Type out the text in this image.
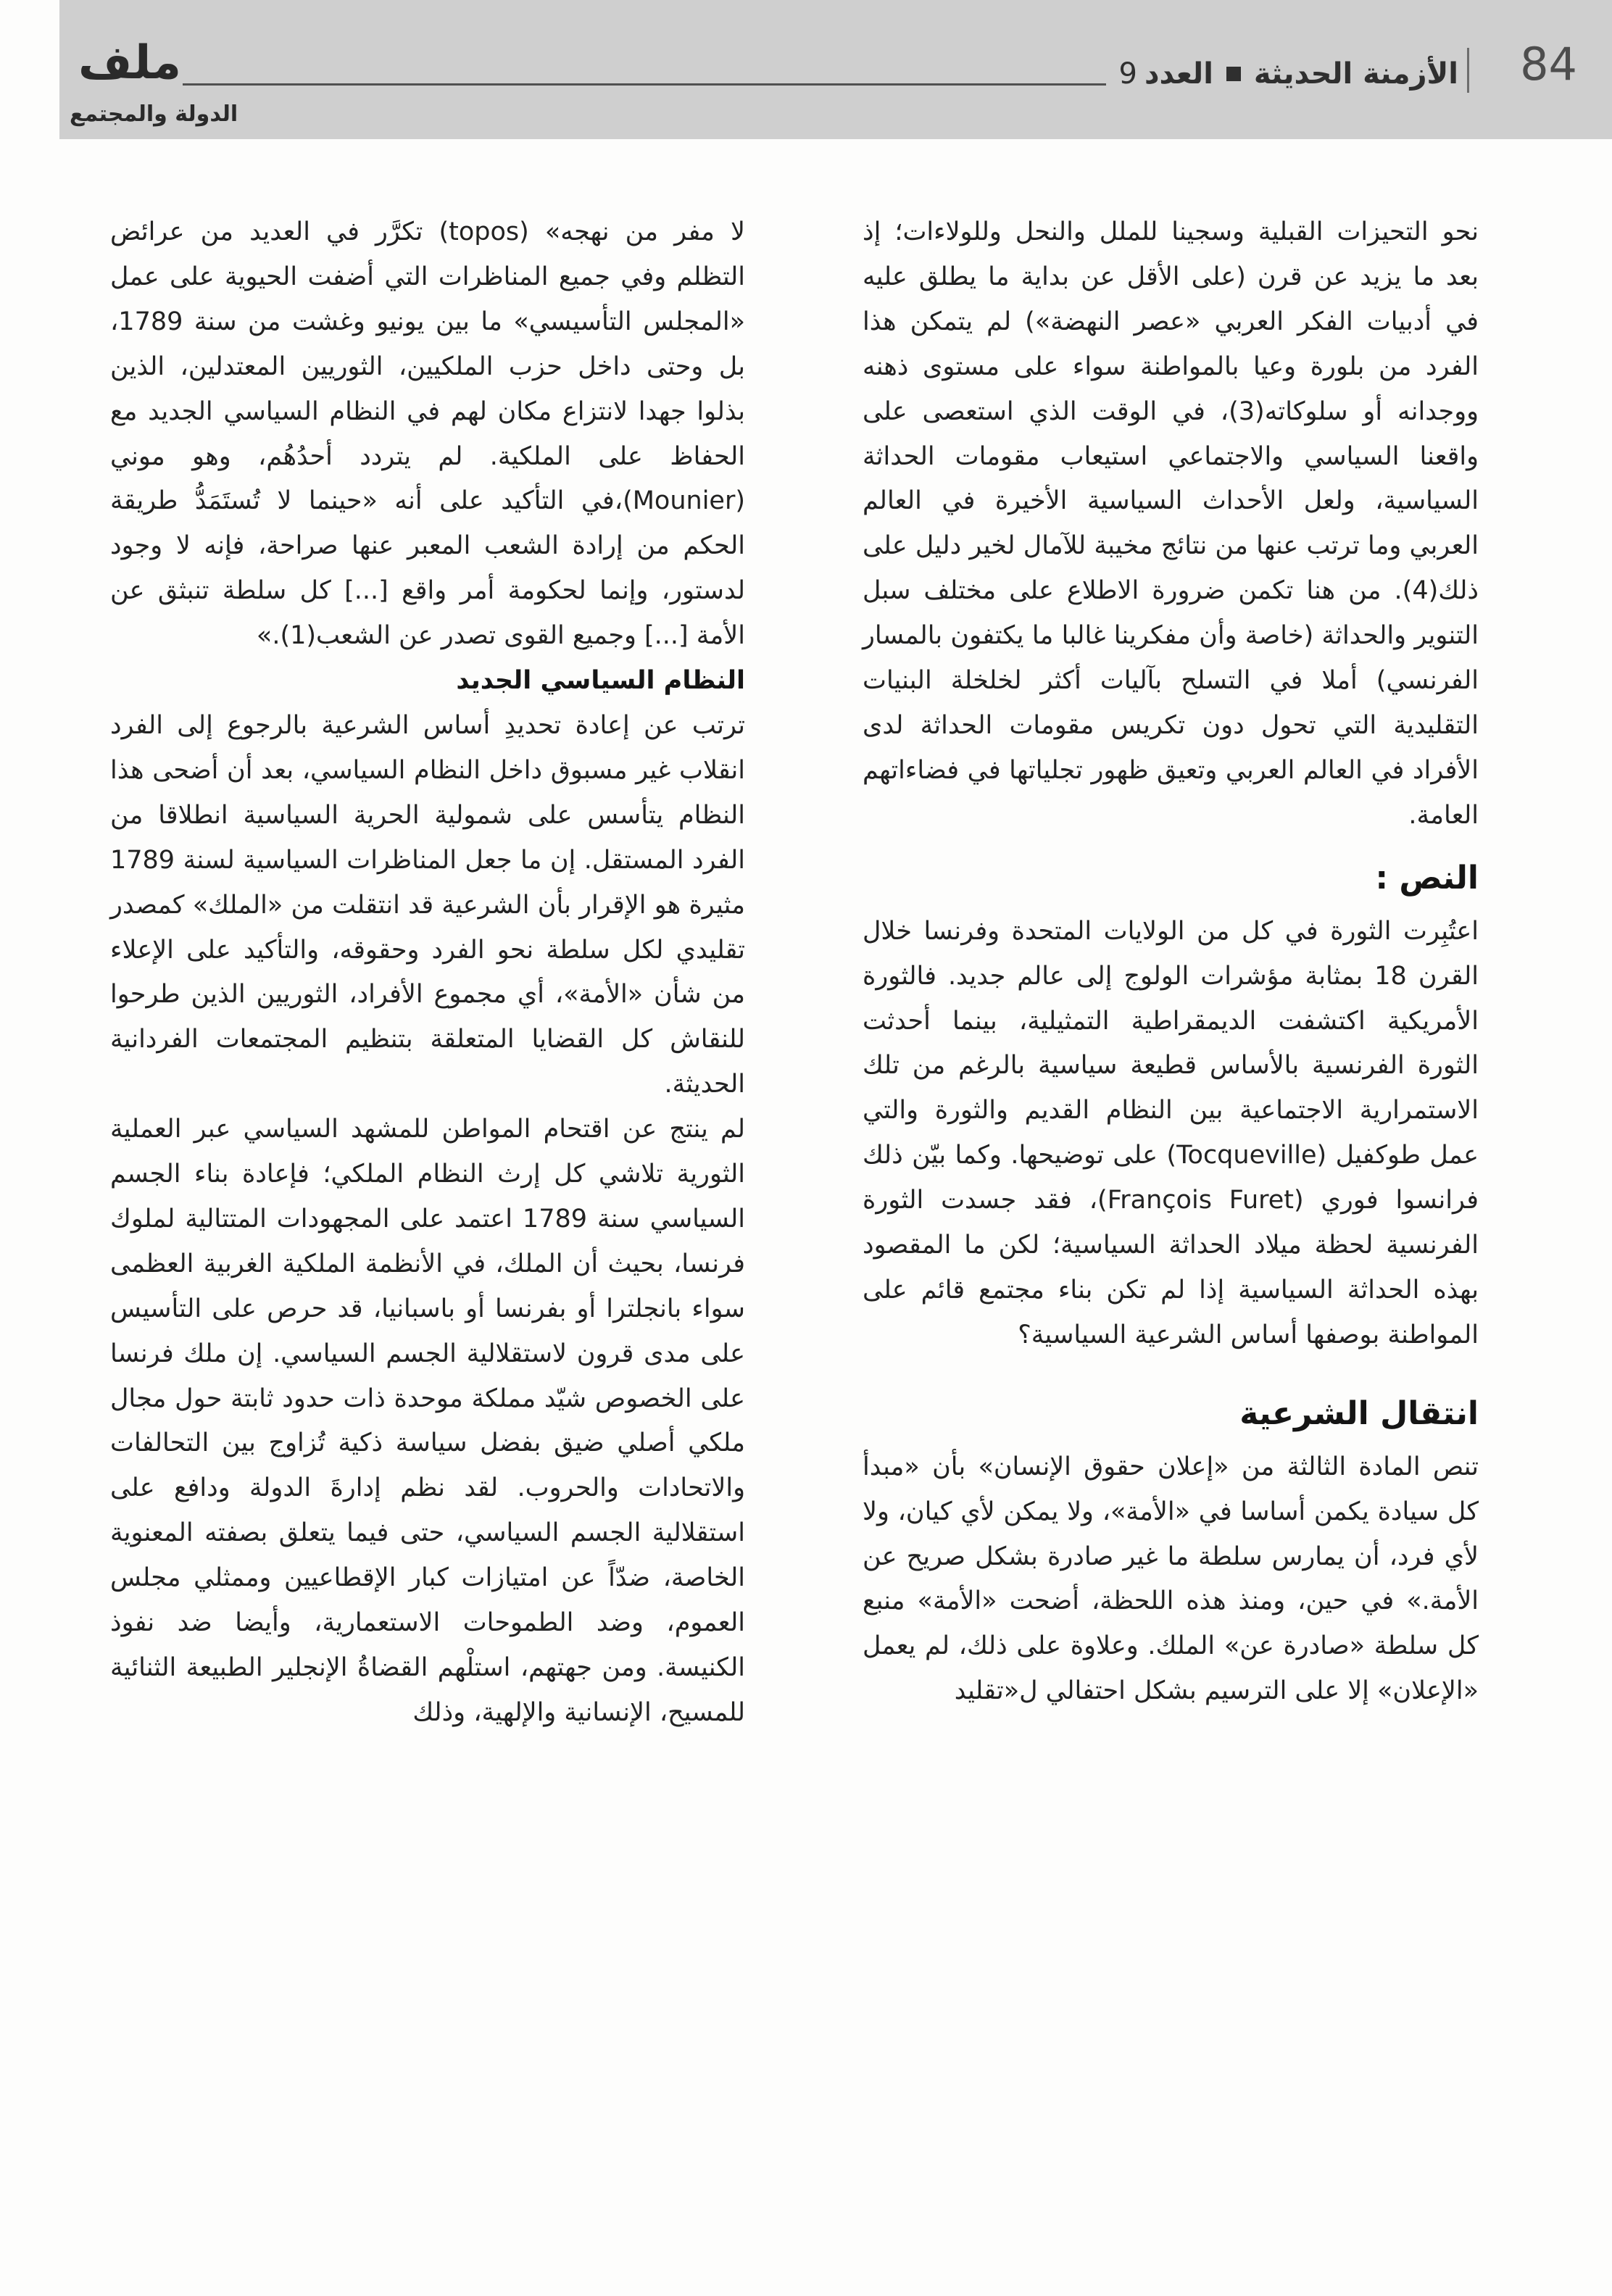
84
الأزمنة الحديثة
العدد
9
ملف
الدولة والمجتمع

نحو التحيزات القبلية وسجينا للملل والنحل وللولاءات؛ إذ بعد ما يزيد عن قرن (على الأقل عن بداية ما يطلق عليه في أدبيات الفكر العربي «عصر النهضة») لم يتمكن هذا الفرد من بلورة وعيا بالمواطنة سواء على مستوى ذهنه ووجدانه أو سلوكاته(3)، في الوقت الذي استعصى على واقعنا السياسي والاجتماعي استيعاب مقومات الحداثة السياسية، ولعل الأحداث السياسية الأخيرة في العالم العربي وما ترتب عنها من نتائج مخيبة للآمال لخير دليل على ذلك(4). من هنا تكمن ضرورة الاطلاع على مختلف سبل التنوير والحداثة (خاصة وأن مفكرينا غالبا ما يكتفون بالمسار الفرنسي) أملا في التسلح بآليات أكثر لخلخلة البنيات التقليدية التي تحول دون تكريس مقومات الحداثة لدى الأفراد في العالم العربي وتعيق ظهور تجلياتها في فضاءاتهم العامة.

النص :

اعتُبِرت الثورة في كل من الولايات المتحدة وفرنسا خلال القرن 18 بمثابة مؤشرات الولوج إلى عالم جديد. فالثورة الأمريكية اكتشفت الديمقراطية التمثيلية، بينما أحدثت الثورة الفرنسية بالأساس قطيعة سياسية بالرغم من تلك الاستمرارية الاجتماعية بين النظام القديم والثورة والتي عمل طوكفيل (Tocqueville) على توضيحها. وكما بيّن ذلك فرانسوا فوري (François Furet)، فقد جسدت الثورة الفرنسية لحظة ميلاد الحداثة السياسية؛ لكن ما المقصود بهذه الحداثة السياسية إذا لم تكن بناء مجتمع قائم على المواطنة بوصفها أساس الشرعية السياسية؟

انتقال الشرعية

تنص المادة الثالثة من «إعلان حقوق الإنسان» بأن «مبدأ كل سيادة يكمن أساسا في «الأمة»، ولا يمكن لأي كيان، ولا لأي فرد، أن يمارس سلطة ما غير صادرة بشكل صريح عن الأمة.» في حين، ومنذ هذه اللحظة، أضحت «الأمة» منبع كل سلطة «صادرة عن» الملك. وعلاوة على ذلك، لم يعمل «الإعلان» إلا على الترسيم بشكل احتفالي ل«تقليد

لا مفر من نهجه» (topos) تكرَّر في العديد من عرائض التظلم وفي جميع المناظرات التي أضفت الحيوية على عمل «المجلس التأسيسي» ما بين يونيو وغشت من سنة 1789، بل وحتى داخل حزب الملكيين، الثوريين المعتدلين، الذين بذلوا جهدا لانتزاع مكان لهم في النظام السياسي الجديد مع الحفاظ على الملكية. لم يتردد أحدُهُم، وهو موني (Mounier)،في التأكيد على أنه «حينما لا تُستَمَدُّ طريقة الحكم من إرادة الشعب المعبر عنها صراحة، فإنه لا وجود لدستور، وإنما لحكومة أمر واقع [...] كل سلطة تنبثق عن الأمة [...] وجميع القوى تصدر عن الشعب(1).»

النظام السياسي الجديد

ترتب عن إعادة تحديدِ أساس الشرعية بالرجوع إلى الفرد انقلاب غير مسبوق داخل النظام السياسي، بعد أن أضحى هذا النظام يتأسس على شمولية الحرية السياسية انطلاقا من الفرد المستقل. إن ما جعل المناظرات السياسية لسنة 1789 مثيرة هو الإقرار بأن الشرعية قد انتقلت من «الملك» كمصدر تقليدي لكل سلطة نحو الفرد وحقوقه، والتأكيد على الإعلاء من شأن «الأمة»، أي مجموع الأفراد، الثوريين الذين طرحوا للنقاش كل القضايا المتعلقة بتنظيم المجتمعات الفردانية الحديثة.

لم ينتج عن اقتحام المواطن للمشهد السياسي عبر العملية الثورية تلاشي كل إرث النظام الملكي؛ فإعادة بناء الجسم السياسي سنة 1789 اعتمد على المجهودات المتتالية لملوك فرنسا، بحيث أن الملك، في الأنظمة الملكية الغربية العظمى سواء بانجلترا أو بفرنسا أو باسبانيا، قد حرص على التأسيس على مدى قرون لاستقلالية الجسم السياسي. إن ملك فرنسا على الخصوص شيّد مملكة موحدة ذات حدود ثابتة حول مجال ملكي أصلي ضيق بفضل سياسة ذكية تُزاوج بين التحالفات والاتحادات والحروب. لقد نظم إدارةَ الدولة ودافع على استقلالية الجسم السياسي، حتى فيما يتعلق بصفته المعنوية الخاصة، ضدّاً عن امتيازات كبار الإقطاعيين وممثلي مجلس العموم، وضد الطموحات الاستعمارية، وأيضا ضد نفوذ الكنيسة. ومن جهتهم، استلْهم القضاةُ الإنجلير الطبيعة الثنائية للمسيح، الإنسانية والإلهية، وذلك
